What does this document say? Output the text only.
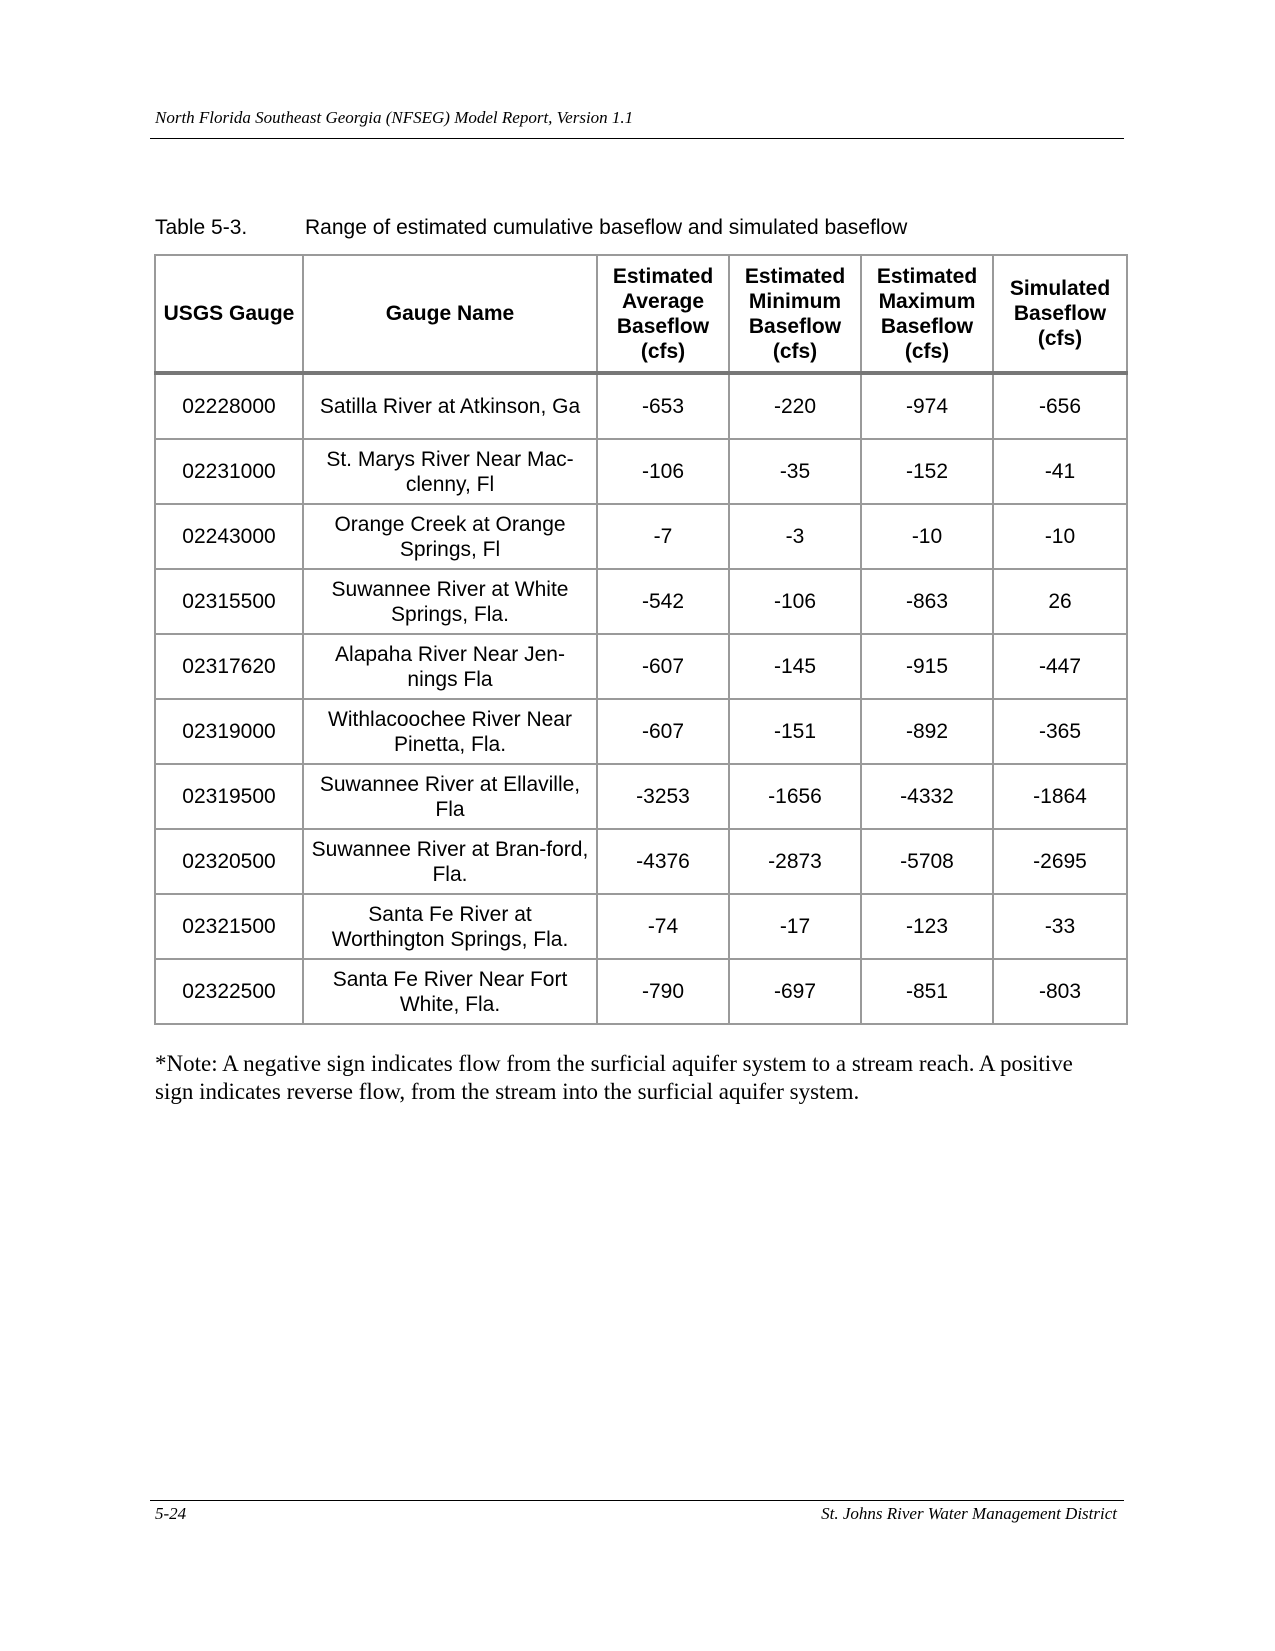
North Florida Southeast Georgia (NFSEG) Model Report, Version 1.1
Table 5-3.	Range of estimated cumulative baseflow and simulated baseflow
USGS Gauge	Gauge Name	Estimated Average Baseflow (cfs)	Estimated Minimum Baseflow (cfs)	Estimated Maximum Baseflow (cfs)	Simulated Baseflow (cfs)
02228000	Satilla River at Atkinson, Ga	-653	-220	-974	-656
02231000	St. Marys River Near Mac-clenny, Fl	-106	-35	-152	-41
02243000	Orange Creek at Orange Springs, Fl	-7	-3	-10	-10
02315500	Suwannee River at White Springs, Fla.	-542	-106	-863	26
02317620	Alapaha River Near Jen-nings Fla	-607	-145	-915	-447
02319000	Withlacoochee River Near Pinetta, Fla.	-607	-151	-892	-365
02319500	Suwannee River at Ellaville, Fla	-3253	-1656	-4332	-1864
02320500	Suwannee River at Bran-ford, Fla.	-4376	-2873	-5708	-2695
02321500	Santa Fe River at Worthington Springs, Fla.	-74	-17	-123	-33
02322500	Santa Fe River Near Fort White, Fla.	-790	-697	-851	-803
*Note: A negative sign indicates flow from the surficial aquifer system to a stream reach. A positive sign indicates reverse flow, from the stream into the surficial aquifer system.
5-24	St. Johns River Water Management District
